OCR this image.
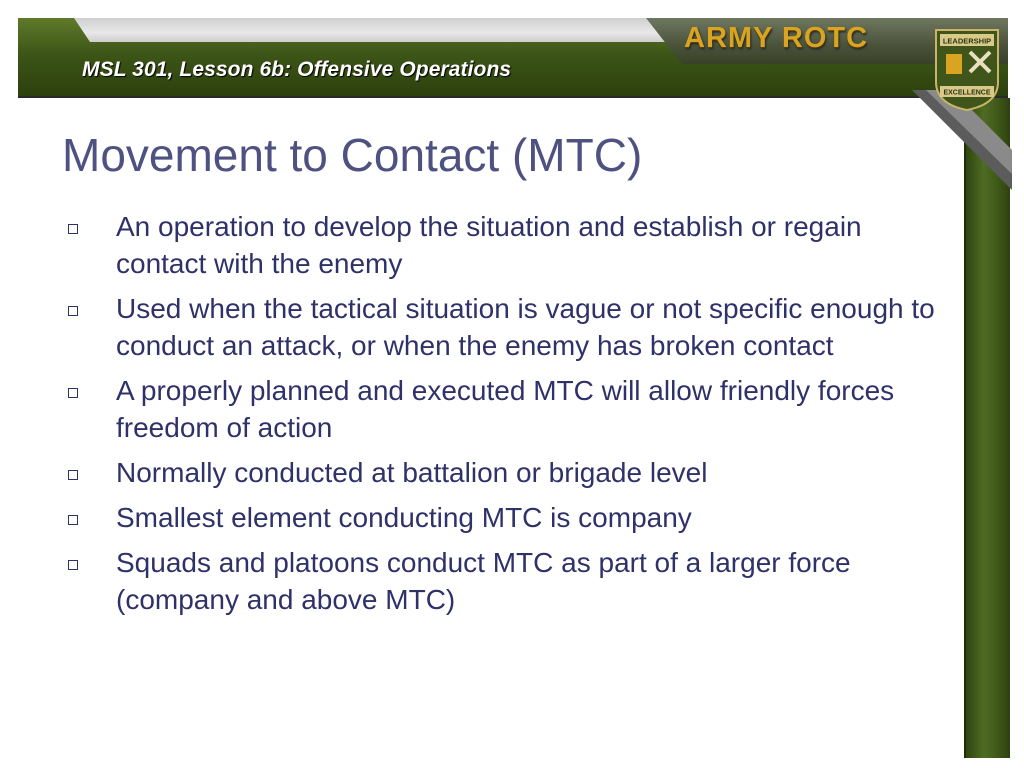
ARMY ROTC
MSL 301, Lesson 6b: Offensive Operations
LEADERSHIP
EXCELLENCE
Movement to Contact (MTC)
An operation to develop the situation and establish or regain contact with the enemy
Used when the tactical situation is vague or not specific enough to conduct an attack, or when the enemy has broken contact
A properly planned and executed MTC will allow friendly forces freedom of action
Normally conducted at battalion or brigade level
Smallest element conducting MTC is company
Squads and platoons conduct MTC as part of a larger force (company and above MTC)
